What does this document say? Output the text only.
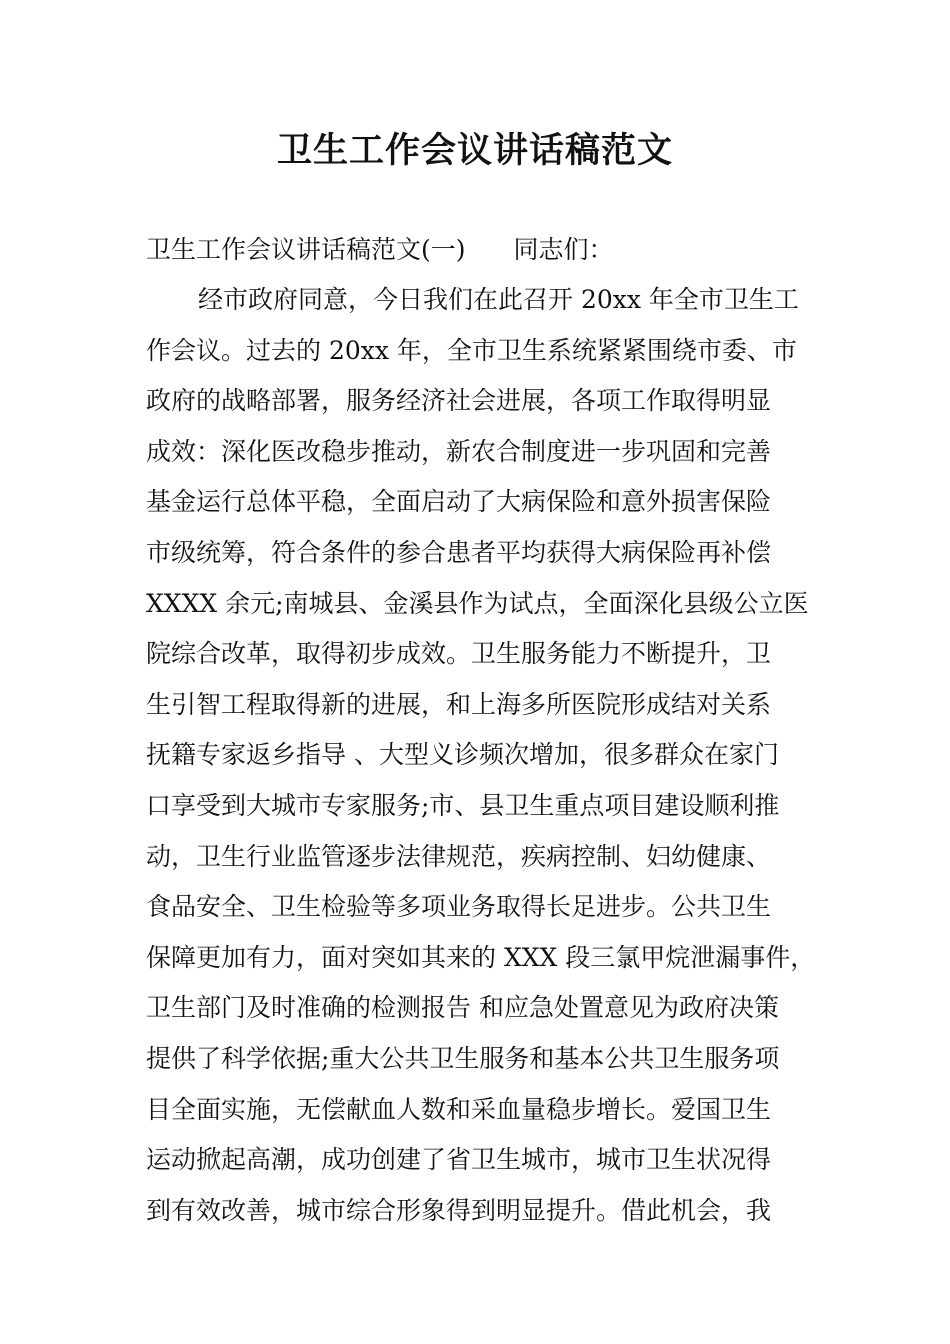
卫生工作会议讲话稿范文
卫生工作会议讲话稿范文(一) 同志们：
经市政府同意，今日我们在此召开 20xx 年全市卫生工
作会议。过去的 20xx 年，全市卫生系统紧紧围绕市委、市
政府的战略部署，服务经济社会进展，各项工作取得明显
成效：深化医改稳步推动，新农合制度进一步巩固和完善
基金运行总体平稳，全面启动了大病保险和意外损害保险
市级统筹，符合条件的参合患者平均获得大病保险再补偿
XXXX 余元;南城县、金溪县作为试点，全面深化县级公立医
院综合改革，取得初步成效。卫生服务能力不断提升，卫
生引智工程取得新的进展，和上海多所医院形成结对关系
抚籍专家返乡指导 、大型义诊频次增加，很多群众在家门
口享受到大城市专家服务;市、县卫生重点项目建设顺利推
动，卫生行业监管逐步法律规范，疾病控制、妇幼健康、
食品安全、卫生检验等多项业务取得长足进步。公共卫生
保障更加有力，面对突如其来的 XXX 段三氯甲烷泄漏事件，
卫生部门及时准确的检测报告 和应急处置意见为政府决策
提供了科学依据;重大公共卫生服务和基本公共卫生服务项
目全面实施，无偿献血人数和采血量稳步增长。爱国卫生
运动掀起高潮，成功创建了省卫生城市，城市卫生状况得
到有效改善，城市综合形象得到明显提升。借此机会，我
